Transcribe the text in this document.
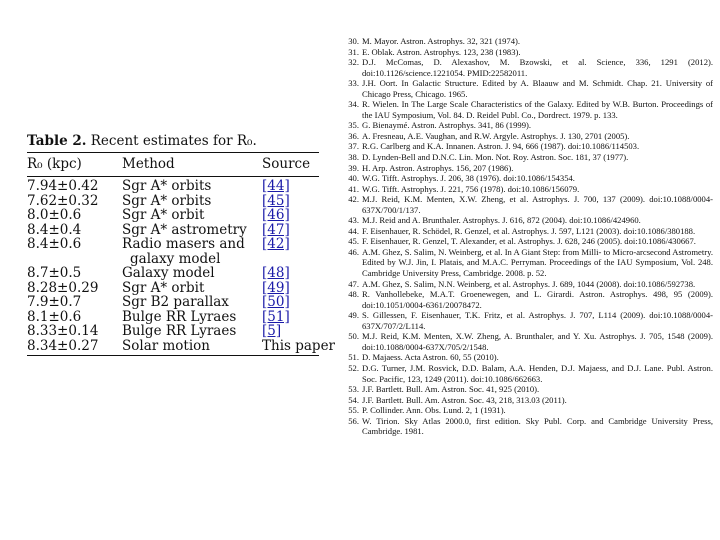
Table 2. Recent estimates for R₀.
R₀ (kpc)	Method	Source
7.94±0.42	Sgr A* orbits	[44]
7.62±0.32	Sgr A* orbits	[45]
8.0±0.6	Sgr A* orbit	[46]
8.4±0.4	Sgr A* astrometry	[47]
8.4±0.6	Radio masers and
galaxy model	[42]
8.7±0.5	Galaxy model	[48]
8.28±0.29	Sgr A* orbit	[49]
7.9±0.7	Sgr B2 parallax	[50]
8.1±0.6	Bulge RR Lyraes	[51]
8.33±0.14	Bulge RR Lyraes	[5]
8.34±0.27	Solar motion	This paper
30. M. Mayor. Astron. Astrophys. 32, 321 (1974).
31. E. Oblak. Astron. Astrophys. 123, 238 (1983).
32. D.J. McComas, D. Alexashov, M. Bzowski, et al. Science, 336, 1291 (2012). doi:10.1126/science.1221054. PMID:22582011.
33. J.H. Oort. In Galactic Structure. Edited by A. Blaauw and M. Schmidt. Chap. 21. University of Chicago Press, Chicago. 1965.
34. R. Wielen. In The Large Scale Characteristics of the Galaxy. Edited by W.B. Burton. Proceedings of the IAU Symposium, Vol. 84. D. Reidel Publ. Co., Dordrect. 1979. p. 133.
35. G. Bienaymé. Astron. Astrophys. 341, 86 (1999).
36. A. Fresneau, A.E. Vaughan, and R.W. Argyle. Astrophys. J. 130, 2701 (2005).
37. R.G. Carlberg and K.A. Innanen. Astron. J. 94, 666 (1987). doi:10.1086/114503.
38. D. Lynden-Bell and D.N.C. Lin. Mon. Not. Roy. Astron. Soc. 181, 37 (1977).
39. H. Arp. Astron. Astrophys. 156, 207 (1986).
40. W.G. Tifft. Astrophys. J. 206, 38 (1976). doi:10.1086/154354.
41. W.G. Tifft. Astrophys. J. 221, 756 (1978). doi:10.1086/156079.
42. M.J. Reid, K.M. Menten, X.W. Zheng, et al. Astrophys. J. 700, 137 (2009). doi:10.1088/0004-637X/700/1/137.
43. M.J. Reid and A. Brunthaler. Astrophys. J. 616, 872 (2004). doi:10.1086/424960.
44. F. Eisenhauer, R. Schödel, R. Genzel, et al. Astrophys. J. 597, L121 (2003). doi:10.1086/380188.
45. F. Eisenhauer, R. Genzel, T. Alexander, et al. Astrophys. J. 628, 246 (2005). doi:10.1086/430667.
46. A.M. Ghez, S. Salim, N. Weinberg, et al. In A Giant Step: from Milli- to Micro-arcsecond Astrometry. Edited by W.J. Jin, I. Platais, and M.A.C. Perryman. Proceedings of the IAU Symposium, Vol. 248. Cambridge University Press, Cambridge. 2008. p. 52.
47. A.M. Ghez, S. Salim, N.N. Weinberg, et al. Astrophys. J. 689, 1044 (2008). doi:10.1086/592738.
48. R. Vanhollebeke, M.A.T. Groenewegen, and L. Girardi. Astron. Astrophys. 498, 95 (2009). doi:10.1051/0004-6361/20078472.
49. S. Gillessen, F. Eisenhauer, T.K. Fritz, et al. Astrophys. J. 707, L114 (2009). doi:10.1088/0004-637X/707/2/L114.
50. M.J. Reid, K.M. Menten, X.W. Zheng, A. Brunthaler, and Y. Xu. Astrophys. J. 705, 1548 (2009). doi:10.1088/0004-637X/705/2/1548.
51. D. Majaess. Acta Astron. 60, 55 (2010).
52. D.G. Turner, J.M. Rosvick, D.D. Balam, A.A. Henden, D.J. Majaess, and D.J. Lane. Publ. Astron. Soc. Pacific, 123, 1249 (2011). doi:10.1086/662663.
53. J.F. Bartlett. Bull. Am. Astron. Soc. 41, 925 (2010).
54. J.F. Bartlett. Bull. Am. Astron. Soc. 43, 218, 313.03 (2011).
55. P. Collinder. Ann. Obs. Lund. 2, 1 (1931).
56. W. Tirion. Sky Atlas 2000.0, first edition. Sky Publ. Corp. and Cambridge University Press, Cambridge. 1981.
